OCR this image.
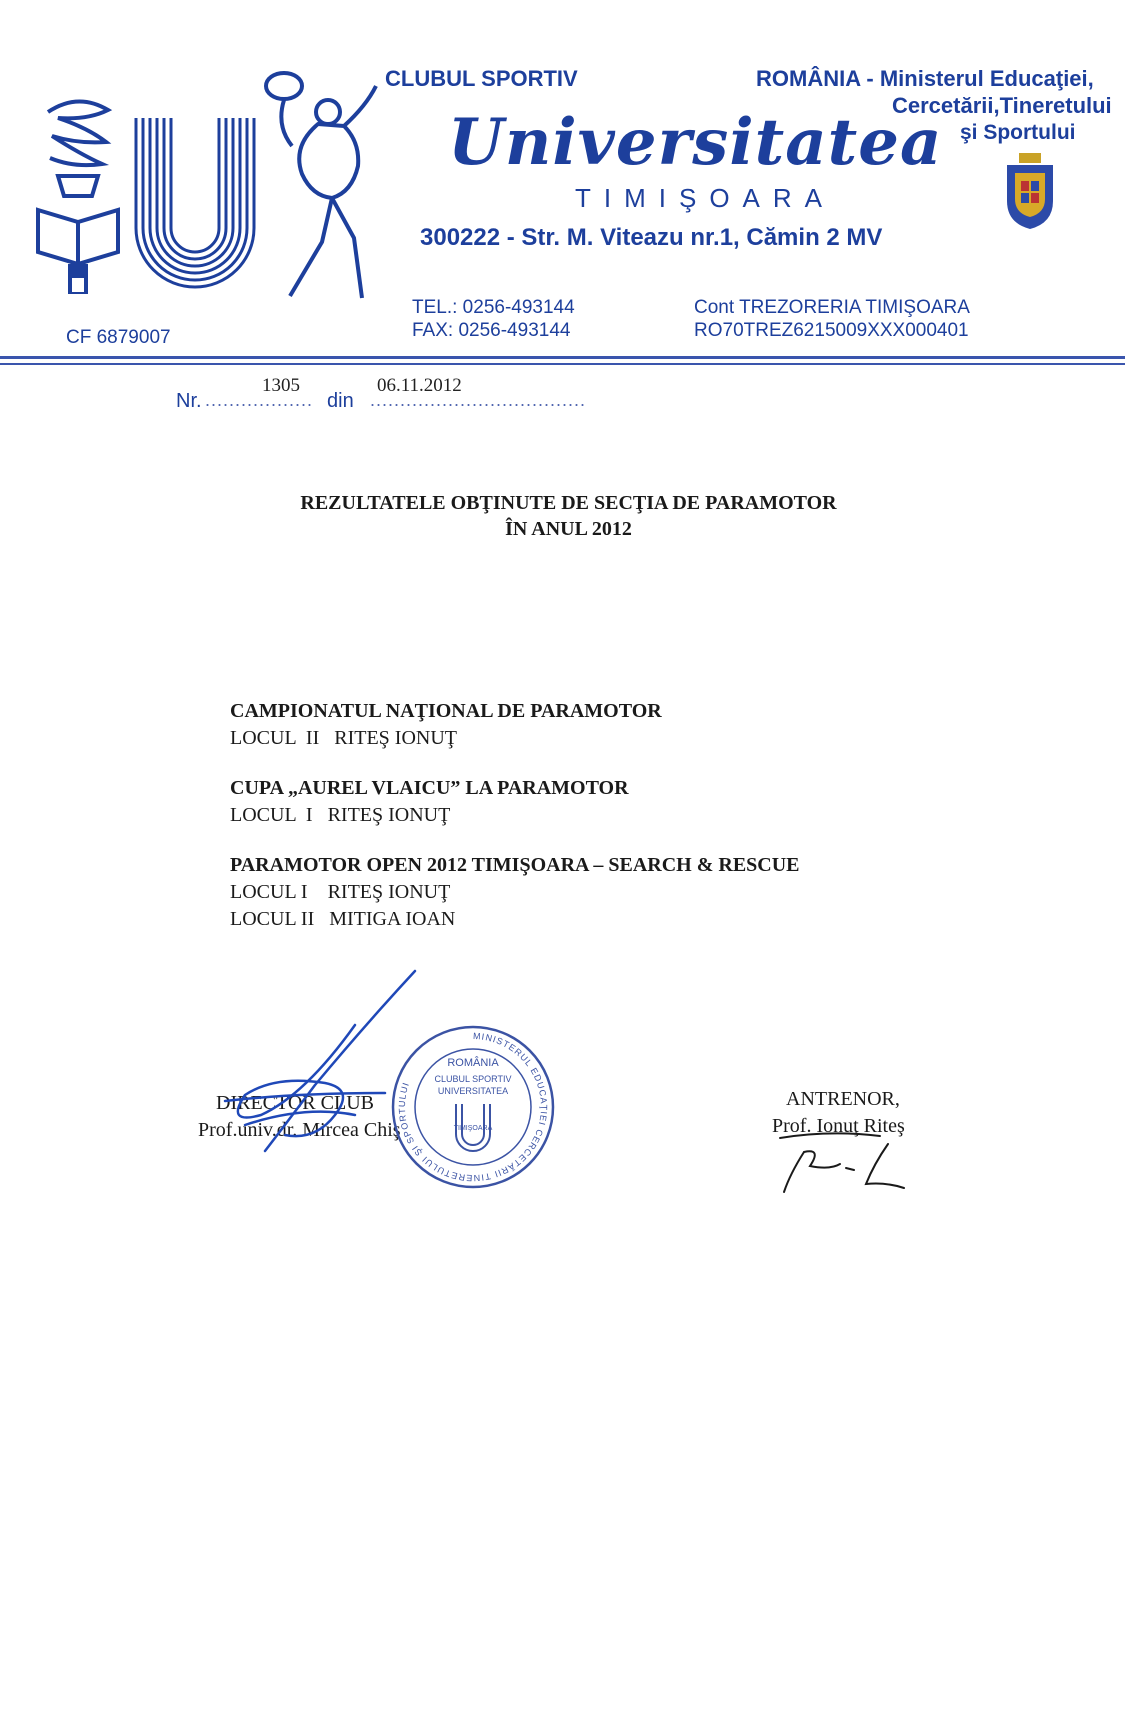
CLUBUL SPORTIV	ROMÂNIA - Ministerul Educaţiei,
Cercetării,Tineretului
şi Sportului
Universitatea
TIMIŞOARA
300222 - Str. M. Viteazu nr.1, Cămin 2 MV
TEL.: 0256-493144
FAX: 0256-493144
Cont TREZORERIA TIMIŞOARA
RO70TREZ6215009XXX000401
CF 6879007
Nr. .................. din ....................................
1305	06.11.2012
REZULTATELE OBŢINUTE DE SECŢIA DE PARAMOTOR
ÎN ANUL 2012
CAMPIONATUL NAŢIONAL DE PARAMOTOR
LOCUL  II   RITEŞ IONUŢ
CUPA „AUREL VLAICU” LA PARAMOTOR
LOCUL  I   RITEŞ IONUŢ
PARAMOTOR OPEN 2012 TIMIŞOARA – SEARCH & RESCUE
LOCUL I    RITEŞ IONUŢ
LOCUL II   MITIGA IOAN
DIRECTOR CLUB
Prof.univ.dr. Mircea Chiş
ANTRENOR,
Prof. Ionuţ Riteş
MINISTERUL EDUCAŢIEI CERCETĂRII TINERETULUI ŞI SPORTULUI
ROMÂNIA
CLUBUL SPORTIV
UNIVERSITATEA
TIMIŞOARA
